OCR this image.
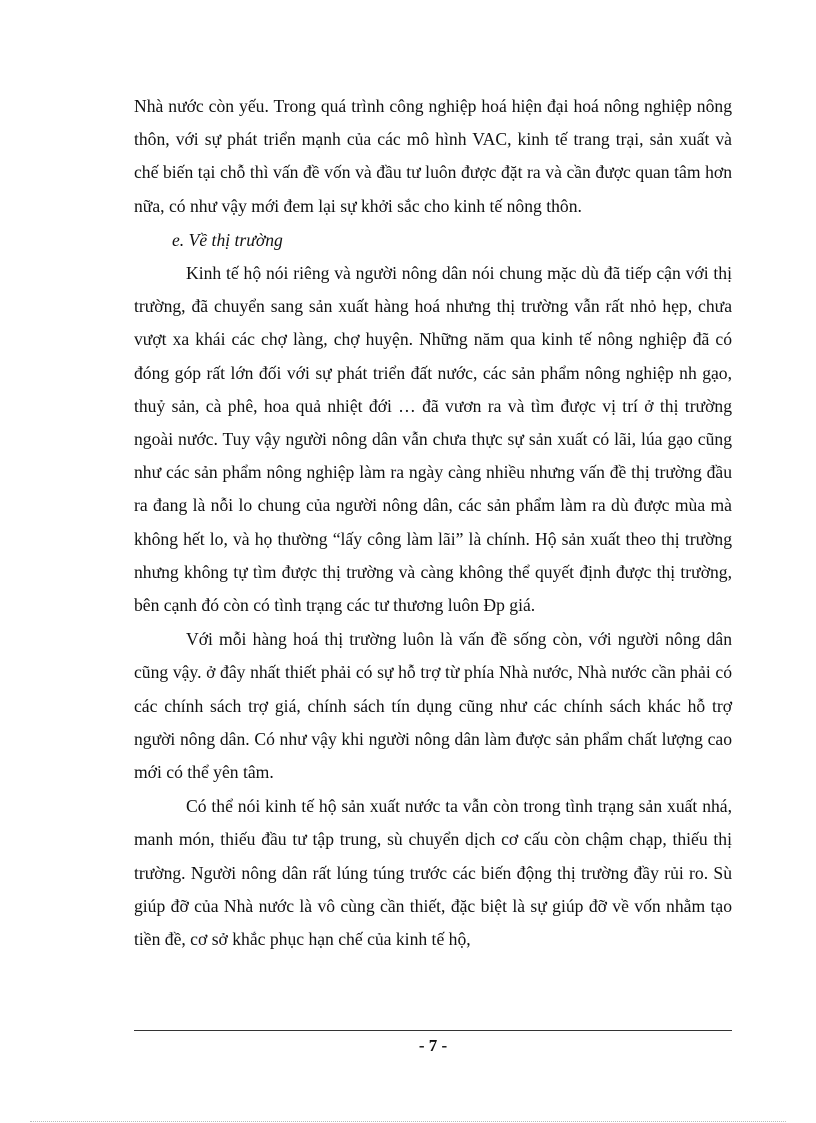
Nhà nước còn yếu. Trong quá trình công nghiệp hoá hiện đại hoá nông nghiệp nông thôn, với sự phát triển mạnh của các mô hình VAC, kinh tế trang trại, sản xuất và chế biến tại chỗ thì vấn đề vốn và đầu tư luôn được đặt ra và cần được quan tâm hơn nữa, có như vậy mới đem lại sự khởi sắc cho kinh tế nông thôn.

e. Về thị trường

Kinh tế hộ nói riêng và người nông dân nói chung mặc dù đã tiếp cận với thị trường, đã chuyển sang sản xuất hàng hoá nhưng thị trường vẫn rất nhỏ hẹp, chưa vượt xa khái các chợ làng, chợ huyện. Những năm qua kinh tế nông nghiệp đã có đóng góp rất lớn đối với sự phát triển đất nước, các sản phẩm nông nghiệp nh gạo, thuỷ sản, cà phê, hoa quả nhiệt đới … đã vươn ra và tìm được vị trí ở thị trường ngoài nước. Tuy vậy người nông dân vẫn chưa thực sự sản xuất có lãi, lúa gạo cũng như các sản phẩm nông nghiệp làm ra ngày càng nhiều nhưng vấn đề thị trường đầu ra đang là nỗi lo chung của người nông dân, các sản phẩm làm ra dù được mùa mà không hết lo, và họ thường “lấy công làm lãi” là chính. Hộ sản xuất theo thị trường nhưng không tự tìm được thị trường và càng không thể quyết định được thị trường, bên cạnh đó còn có tình trạng các tư thương luôn Ðp giá.

Với mỗi hàng hoá thị trường luôn là vấn đề sống còn, với người nông dân cũng vậy. ở đây nhất thiết phải có sự hỗ trợ từ phía Nhà nước, Nhà nước cần phải có các chính sách trợ giá, chính sách tín dụng cũng như các chính sách khác hỗ trợ người nông dân. Có như vậy khi người nông dân làm được sản phẩm chất lượng cao mới có thể yên tâm.

Có thể nói kinh tế hộ sản xuất nước ta vẫn còn trong tình trạng sản xuất nhá, manh món, thiếu đầu tư tập trung, sù chuyển dịch cơ cấu còn chậm chạp, thiếu thị trường. Người nông dân rất lúng túng trước các biến động thị trường đầy rủi ro. Sù giúp đỡ của Nhà nước là vô cùng cần thiết, đặc biệt là sự giúp đỡ về vốn nhằm tạo tiền đề, cơ sở khắc phục hạn chế của kinh tế hộ,

- 7 -
